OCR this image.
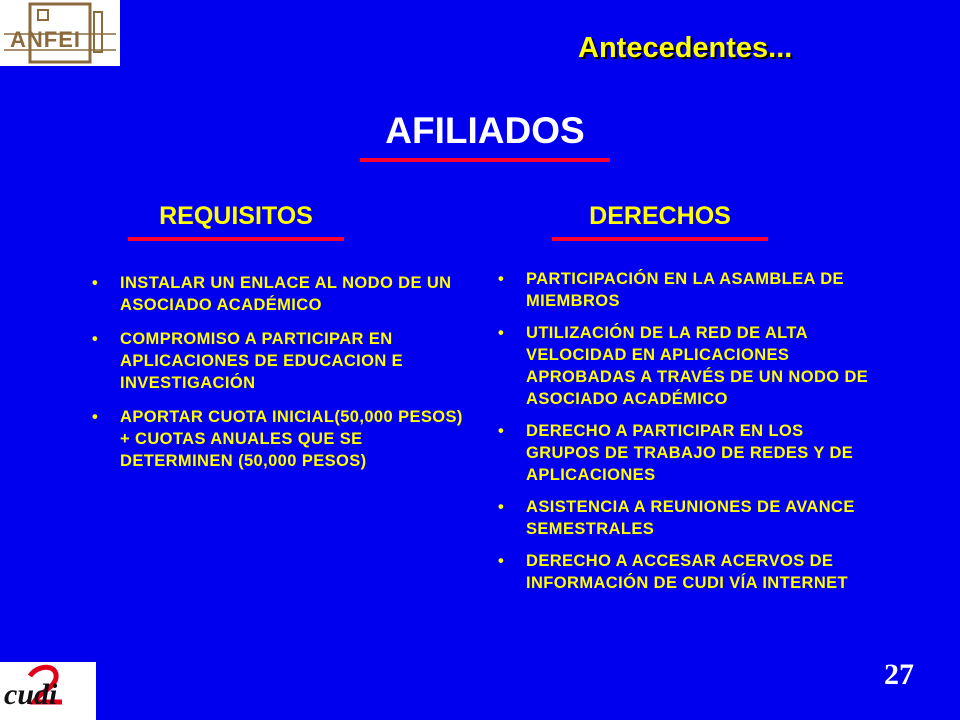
ANFEI	Antecedentes...
AFILIADOS
REQUISITOS	DERECHOS
• INSTALAR UN ENLACE AL NODO DE UN ASOCIADO ACADÉMICO
• COMPROMISO A PARTICIPAR EN APLICACIONES DE EDUCACION E INVESTIGACIÓN
• APORTAR CUOTA INICIAL(50,000 PESOS) + CUOTAS ANUALES QUE SE DETERMINEN (50,000 PESOS)
• PARTICIPACIÓN EN LA ASAMBLEA DE MIEMBROS
• UTILIZACIÓN DE LA RED DE ALTA VELOCIDAD EN APLICACIONES APROBADAS A TRAVÉS DE UN NODO DE ASOCIADO ACADÉMICO
• DERECHO A PARTICIPAR EN LOS GRUPOS DE TRABAJO DE REDES Y DE APLICACIONES
• ASISTENCIA A REUNIONES DE AVANCE SEMESTRALES
• DERECHO A ACCESAR ACERVOS DE INFORMACIÓN DE CUDI VÍA INTERNET
cudi
27
